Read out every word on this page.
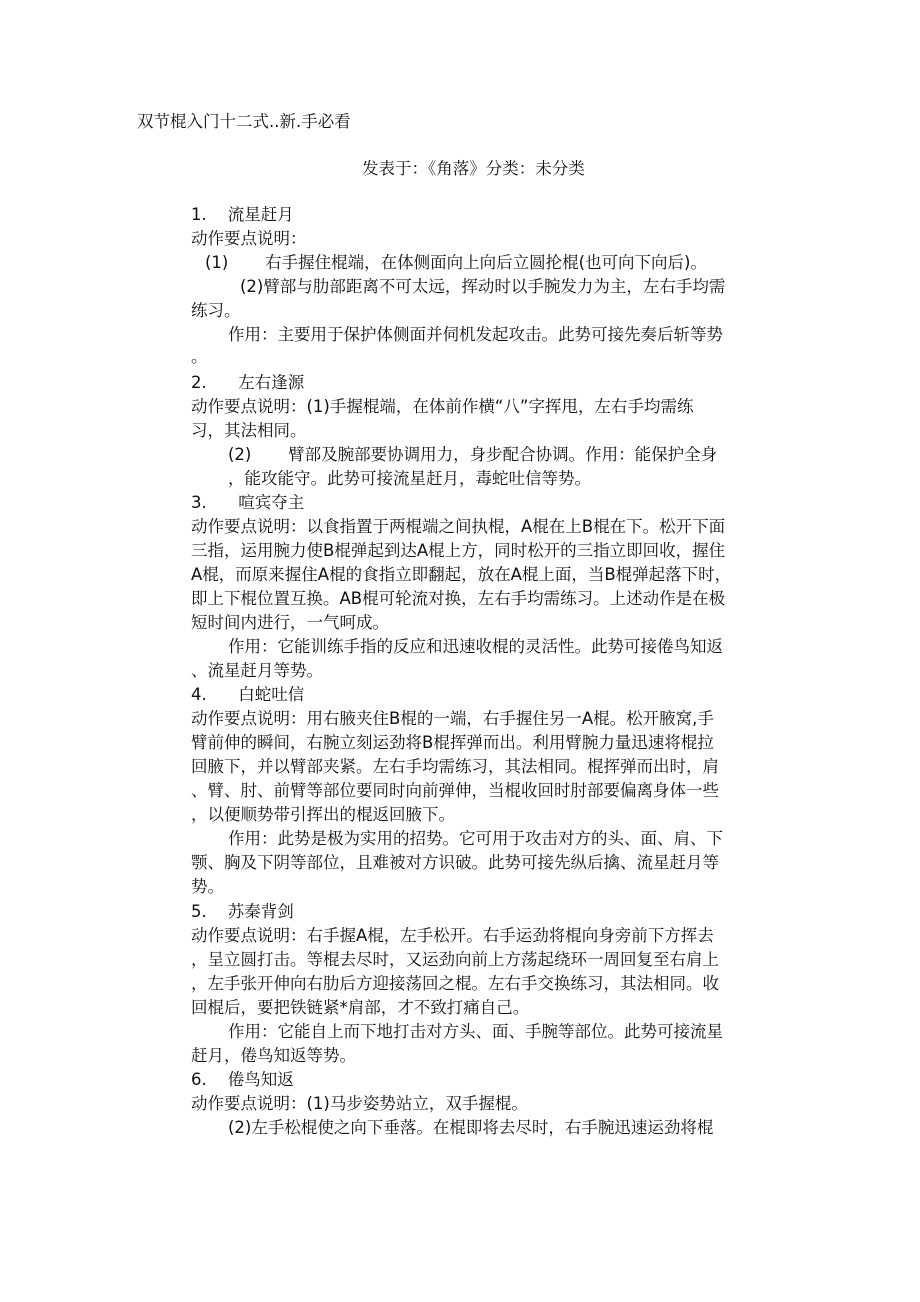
双节棍入门十二式..新.手必看
发表于：《角落》分类：未分类
1.    流星赶月
动作要点说明：
(1)       右手握住棍端，在体侧面向上向后立圆抡棍(也可向下向后)。
(2)臂部与肋部距离不可太远，挥动时以手腕发力为主，左右手均需
练习。
作用：主要用于保护体侧面并伺机发起攻击。此势可接先奏后斩等势
。
2.      左右逢源
动作要点说明：(1)手握棍端，在体前作横“八”字挥甩，左右手均需练
习，其法相同。
(2)       臂部及腕部要协调用力，身步配合协调。作用：能保护全身
，能攻能守。此势可接流星赶月，毒蛇吐信等势。
3.      喧宾夺主
动作要点说明：以食指置于两棍端之间执棍，A棍在上B棍在下。松开下面
三指，运用腕力使B棍弹起到达A棍上方，同时松开的三指立即回收，握住
A棍，而原来握住A棍的食指立即翻起，放在A棍上面，当B棍弹起落下时，
即上下棍位置互换。AB棍可轮流对换，左右手均需练习。上述动作是在极
短时间内进行，一气呵成。
作用：它能训练手指的反应和迅速收棍的灵活性。此势可接倦鸟知返
、流星赶月等势。
4.      白蛇吐信
动作要点说明：用右腋夹住B棍的一端，右手握住另一A棍。松开腋窝,手
臂前伸的瞬间，右腕立刻运劲将B棍挥弹而出。利用臂腕力量迅速将棍拉
回腋下，并以臂部夹紧。左右手均需练习，其法相同。棍挥弹而出时，肩
、臂、肘、前臂等部位要同时向前弹伸，当棍收回时肘部要偏离身体一些
，以便顺势带引挥出的棍返回腋下。
作用：此势是极为实用的招势。它可用于攻击对方的头、面、肩、下
颚、胸及下阴等部位，且难被对方识破。此势可接先纵后擒、流星赶月等
势。
5.    苏秦背剑
动作要点说明：右手握A棍，左手松开。右手运劲将棍向身旁前下方挥去
，呈立圆打击。等棍去尽时，又运劲向前上方荡起绕环一周回复至右肩上
，左手张开伸向右肋后方迎接荡回之棍。左右手交换练习，其法相同。收
回棍后，要把铁链紧*肩部，才不致打痛自己。
作用：它能自上而下地打击对方头、面、手腕等部位。此势可接流星
赶月，倦鸟知返等势。
6.    倦鸟知返
动作要点说明：(1)马步姿势站立，双手握棍。
(2)左手松棍使之向下垂落。在棍即将去尽时，右手腕迅速运劲将棍
